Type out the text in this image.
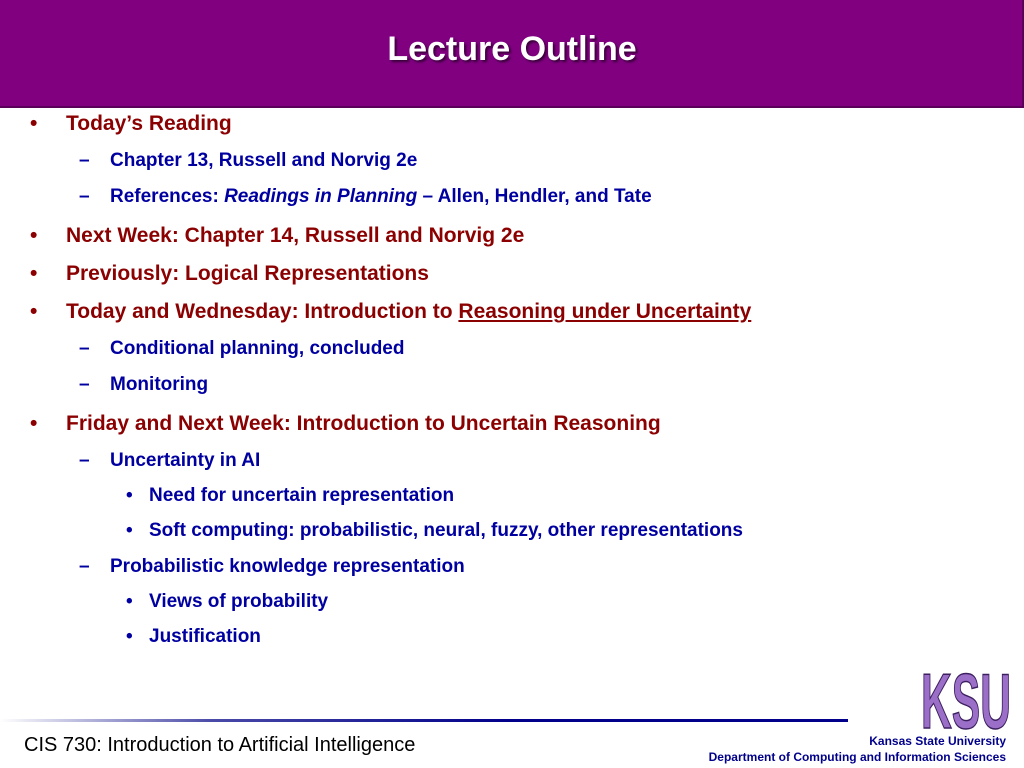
Lecture Outline
• Today’s Reading
– Chapter 13, Russell and Norvig 2e
– References: Readings in Planning – Allen, Hendler, and Tate
• Next Week: Chapter 14, Russell and Norvig 2e
• Previously: Logical Representations
• Today and Wednesday: Introduction to Reasoning under Uncertainty
– Conditional planning, concluded
– Monitoring
• Friday and Next Week: Introduction to Uncertain Reasoning
– Uncertainty in AI
• Need for uncertain representation
• Soft computing: probabilistic, neural, fuzzy, other representations
– Probabilistic knowledge representation
• Views of probability
• Justification
CIS 730: Introduction to Artificial Intelligence	KSU
Kansas State University
Department of Computing and Information Sciences
